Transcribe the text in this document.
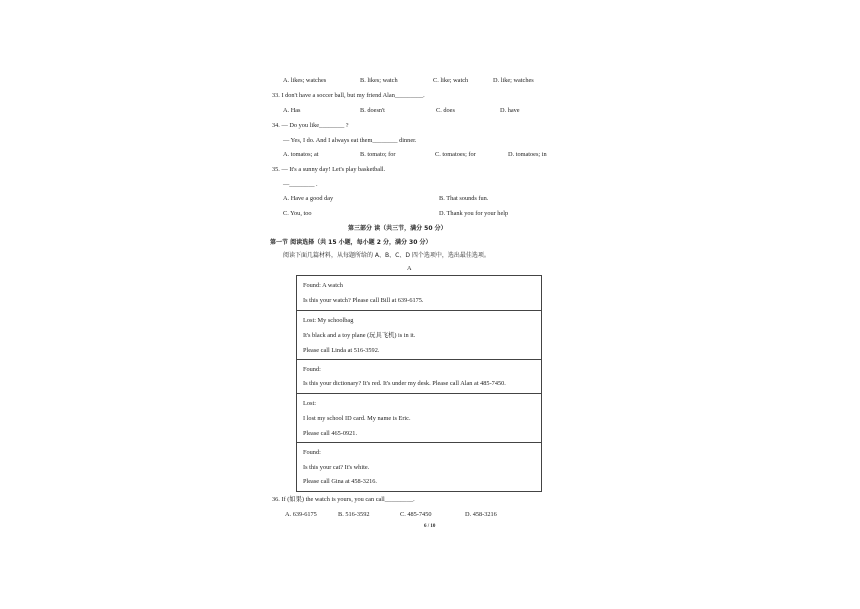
A. likes; watches	B. likes; watch	C. like; watch	D. like; watches
33. I don't have a soccer ball, but my friend Alan_________.
A. Has	B. doesn't	C. does	D. have
34. — Do you like________ ?
— Yes, I do. And I always eat them________ dinner.
A. tomatos; at	B. tomato; for	C. tomatoes; for	D. tomatoes; in
35. — It's a sunny day! Let's play basketball.
—________ .
A. Have a good day	B. That sounds fun.
C. You, too	D. Thank you for your help
第三部分 读（共三节，满分 50 分）
第一节 阅读选择（共 15 小题，每小题 2 分，满分 30 分）
阅读下面几篇材料，从每题所给的 A、B、C、D 四个选项中，选出最佳选项。
A
Found: A watch
Is this your watch? Please call Bill at 639-6175.
Lost: My schoolbag
It's black and a toy plane (玩具飞机) is in it.
Please call Linda at 516-3592.
Found:
Is this your dictionary? It's red. It's under my desk. Please call Alan at 485-7450.
Lost:
I lost my school ID card. My name is Eric.
Please call 465-0921.
Found:
Is this your cat? It's white.
Please call Gina at 458-3216.
36. If (如果) the watch is yours, you can call_________.
A. 639-6175	B. 516-3592	C. 485-7450	D. 458-3216
6 / 10
